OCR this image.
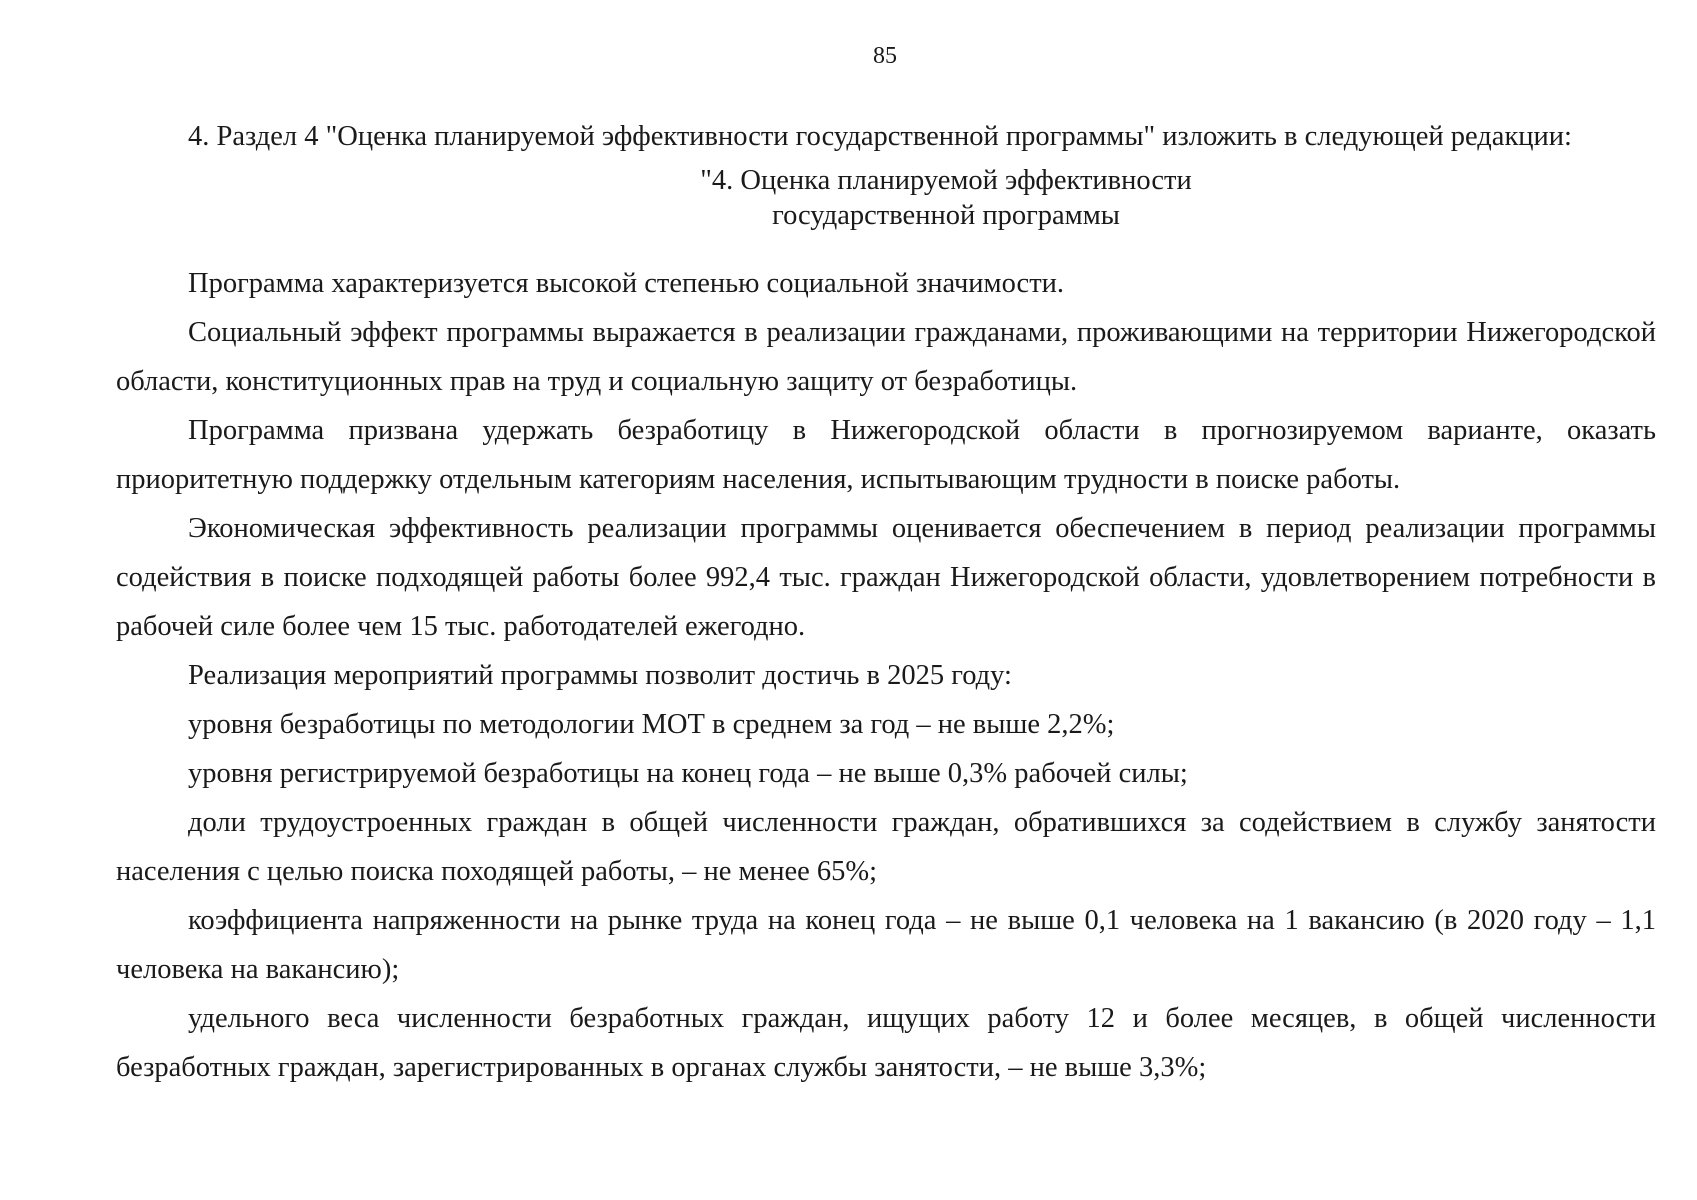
85

4. Раздел 4 "Оценка планируемой эффективности государственной программы" изложить в следующей редакции:

"4. Оценка планируемой эффективности
государственной программы

Программа характеризуется высокой степенью социальной значимости.

Социальный эффект программы выражается в реализации гражданами, проживающими на территории Нижегородской области, конституционных прав на труд и социальную защиту от безработицы.

Программа призвана удержать безработицу в Нижегородской области в прогнозируемом варианте, оказать приоритетную поддержку отдельным категориям населения, испытывающим трудности в поиске работы.

Экономическая эффективность реализации программы оценивается обеспечением в период реализации программы содействия в поиске подходящей работы более 992,4 тыс. граждан Нижегородской области, удовлетворением потребности в рабочей силе более чем 15 тыс. работодателей ежегодно.

Реализация мероприятий программы позволит достичь в 2025 году:

уровня безработицы по методологии МОТ в среднем за год – не выше 2,2%;

уровня регистрируемой безработицы на конец года – не выше 0,3% рабочей силы;

доли трудоустроенных граждан в общей численности граждан, обратившихся за содействием в службу занятости населения с целью поиска походящей работы, – не менее 65%;

коэффициента напряженности на рынке труда на конец года – не выше 0,1 человека на 1 вакансию (в 2020 году – 1,1 человека на вакансию);

удельного веса численности безработных граждан, ищущих работу 12 и более месяцев, в общей численности безработных граждан, зарегистрированных в органах службы занятости, – не выше 3,3%;
